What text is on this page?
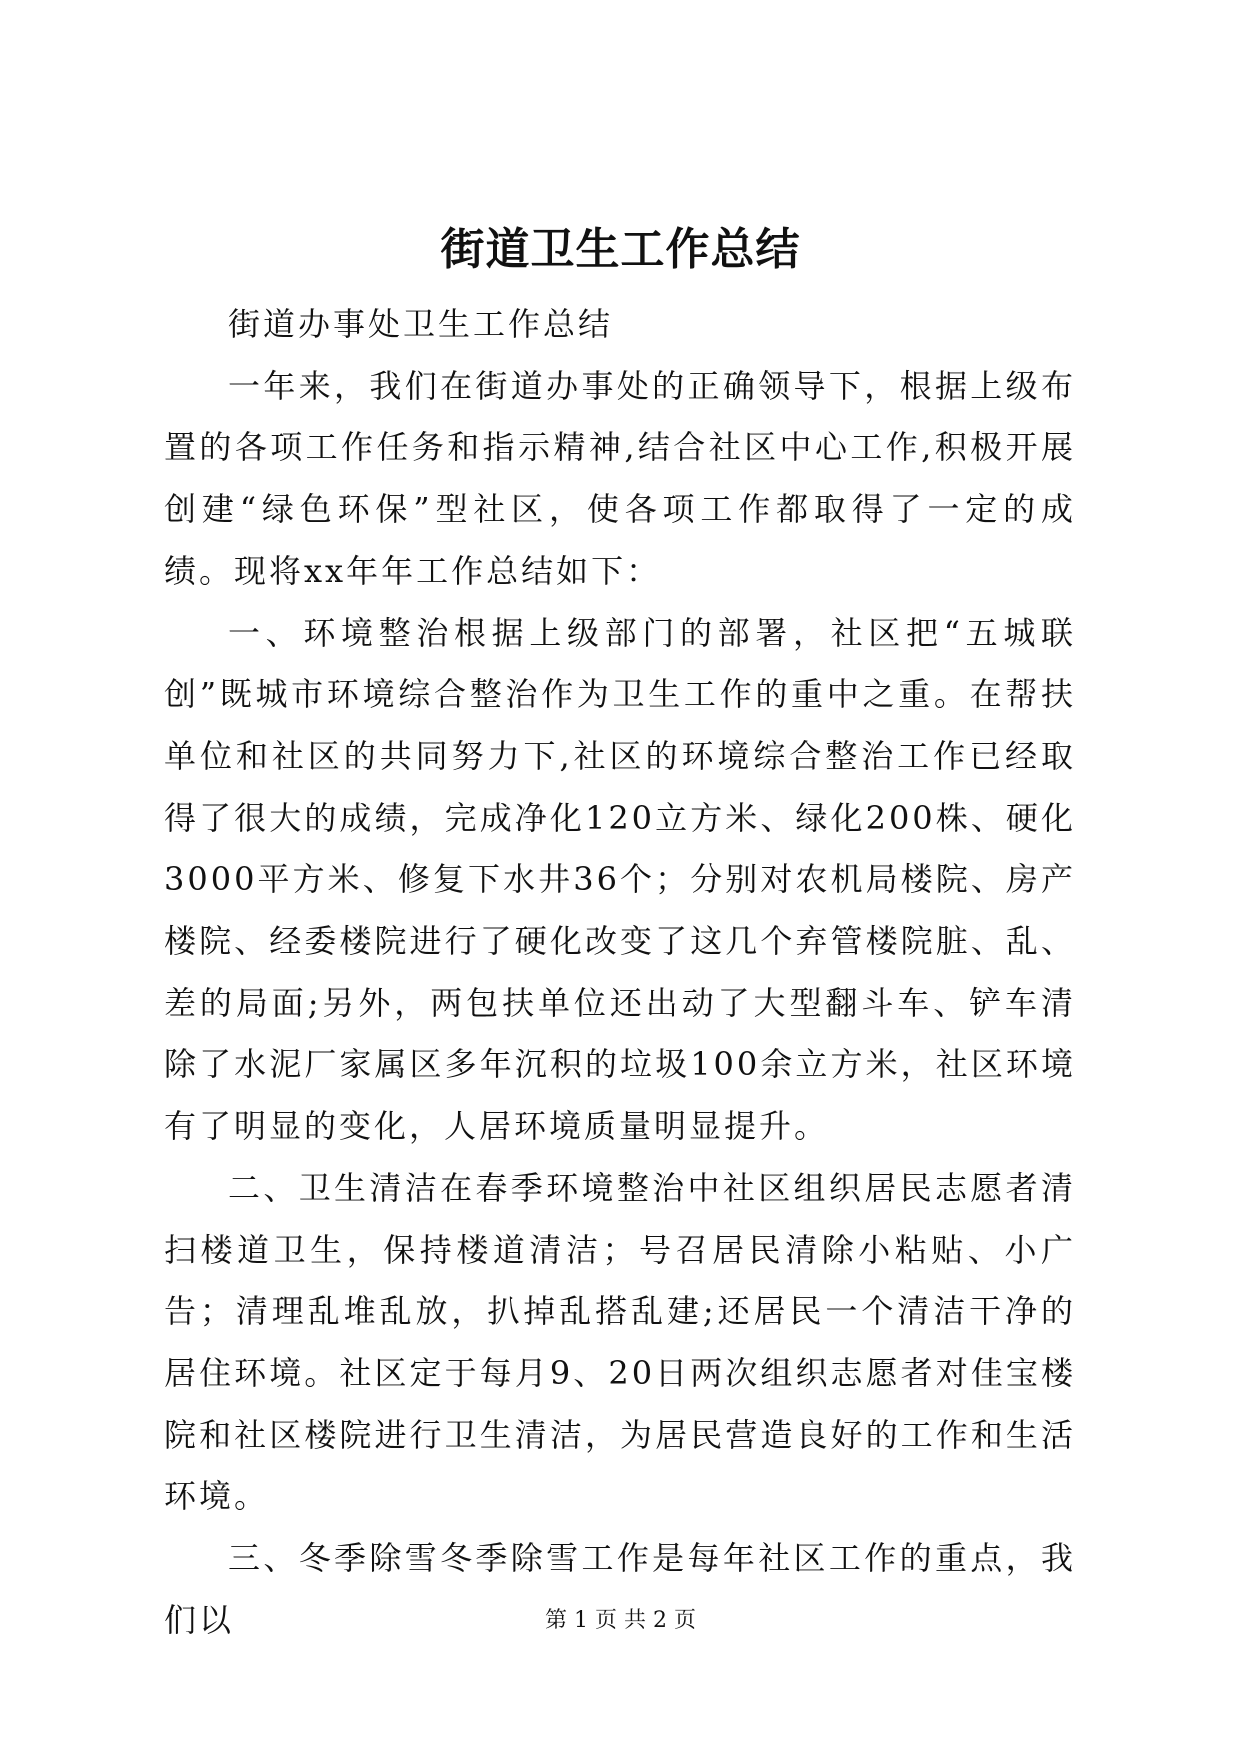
街道卫生工作总结

街道办事处卫生工作总结

一年来，我们在街道办事处的正确领导下，根据上级布置的各项工作任务和指示精神,结合社区中心工作,积极开展创建“绿色环保”型社区，使各项工作都取得了一定的成绩。现将xx年年工作总结如下：

一、环境整治根据上级部门的部署，社区把“五城联创”既城市环境综合整治作为卫生工作的重中之重。在帮扶单位和社区的共同努力下,社区的环境综合整治工作已经取得了很大的成绩，完成净化120立方米、绿化200株、硬化3000平方米、修复下水井36个；分别对农机局楼院、房产楼院、经委楼院进行了硬化改变了这几个弃管楼院脏、乱、差的局面;另外，两包扶单位还出动了大型翻斗车、铲车清除了水泥厂家属区多年沉积的垃圾100余立方米，社区环境有了明显的变化，人居环境质量明显提升。

二、卫生清洁在春季环境整治中社区组织居民志愿者清扫楼道卫生，保持楼道清洁；号召居民清除小粘贴、小广告；清理乱堆乱放，扒掉乱搭乱建;还居民一个清洁干净的居住环境。社区定于每月9、20日两次组织志愿者对佳宝楼院和社区楼院进行卫生清洁，为居民营造良好的工作和生活环境。

三、冬季除雪冬季除雪工作是每年社区工作的重点，我们以	第 1 页 共 2 页
